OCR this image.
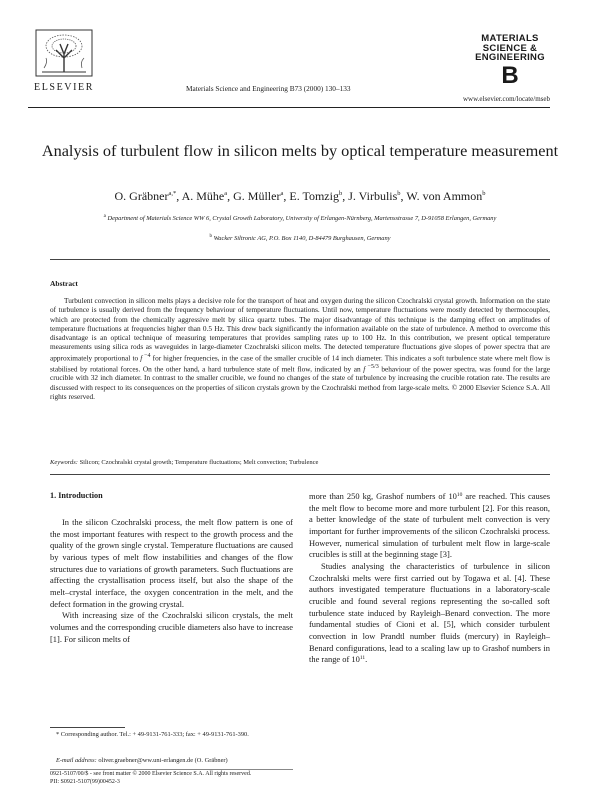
ELSEVIER	Materials Science and Engineering B73 (2000) 130–133
MATERIALS
SCIENCE &
ENGINEERING
B
www.elsevier.com/locate/mseb
Analysis of turbulent flow in silicon melts by optical temperature measurement
O. Gräbner$^{a,*}$, A. Mühe$^a$, G. Müller$^a$, E. Tomzig$^b$, J. Virbulis$^b$, W. von Ammon$^b$
$^a$ Department of Materials Science WW 6, Crystal Growth Laboratory, University of Erlangen-Nürnberg, Martensstrasse 7, D-91058 Erlangen, Germany
$^b$ Wacker Siltronic AG, P.O. Box 1140, D-84479 Burghausen, Germany
Abstract
Turbulent convection in silicon melts plays a decisive role for the transport of heat and oxygen during the silicon Czochralski crystal growth. Information on the state of turbulence is usually derived from the frequency behaviour of temperature fluctuations. Until now, temperature fluctuations were mostly detected by thermocouples, which are protected from the chemically aggressive melt by silica quartz tubes. The major disadvantage of this technique is the damping effect on amplitudes of temperature fluctuations at frequencies higher than 0.5 Hz. This drew back significantly the information available on the state of turbulence. A method to overcome this disadvantage is an optical technique of measuring temperatures that provides sampling rates up to 100 Hz. In this contribution, we present optical temperature measurements using silica rods as waveguides in large-diameter Czochralski silicon melts. The detected temperature fluctuations give slopes of power spectra that are approximately proportional to f $^{-4}$ for higher frequencies, in the case of the smaller crucible of 14 inch diameter. This indicates a soft turbulence state where melt flow is stabilised by rotational forces. On the other hand, a hard turbulence state of melt flow, indicated by an f $^{-5/3}$ behaviour of the power spectra, was found for the large crucible with 32 inch diameter. In contrast to the smaller crucible, we found no changes of the state of turbulence by increasing the crucible rotation rate. The results are discussed with respect to its consequences on the properties of silicon crystals grown by the Czochralski method from large-scale melts. © 2000 Elsevier Science S.A. All rights reserved.
Keywords: Silicon; Czochralski crystal growth; Temperature fluctuations; Melt convection; Turbulence
1. Introduction

In the silicon Czochralski process, the melt flow pattern is one of the most important features with respect to the growth process and the quality of the grown single crystal. Temperature fluctuations are caused by various types of melt flow instabilities and changes of the flow structures due to variations of growth parameters. Such fluctuations are affecting the crystallisation process itself, but also the shape of the melt–crystal interface, the oxygen concentration in the melt, and the defect formation in the growing crystal.

With increasing size of the Czochralski silicon crystals, the melt volumes and the corresponding crucible diameters also have to increase [1]. For silicon melts of

more than 250 kg, Grashof numbers of $10^{10}$ are reached. This causes the melt flow to become more and more turbulent [2]. For this reason, a better knowledge of the state of turbulent melt convection is very important for further improvements of the silicon Czochralski process. However, numerical simulation of turbulent melt flow in large-scale crucibles is still at the beginning stage [3].

Studies analysing the characteristics of turbulence in silicon Czochralski melts were first carried out by Togawa et al. [4]. These authors investigated temperature fluctuations in a laboratory-scale crucible and found several regions representing the so-called soft turbulence state induced by Rayleigh–Benard convection. The more fundamental studies of Cioni et al. [5], which consider turbulent convection in low Prandtl number fluids (mercury) in Rayleigh–Benard configurations, lead to a scaling law up to Grashof numbers in the range of $10^{11}$.

* Corresponding author. Tel.: + 49-9131-761-333; fax: + 49-9131-761-390.
E-mail address: oliver.graebner@ww.uni-erlangen.de (O. Gräbner)
0921-5107/00/$ - see front matter © 2000 Elsevier Science S.A. All rights reserved.
PII: S0921-5107(99)00452-3
